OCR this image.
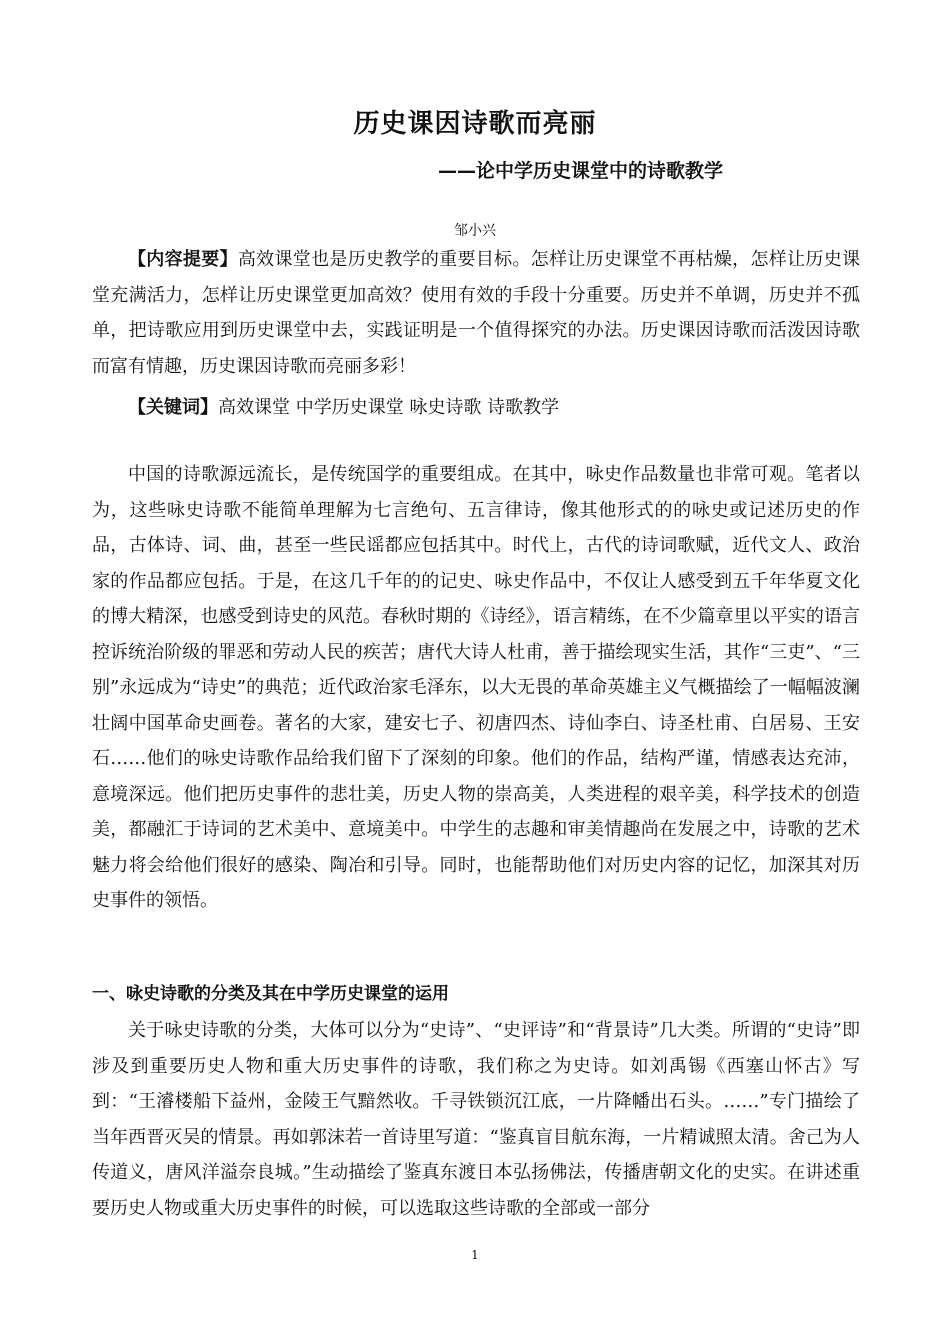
历史课因诗歌而亮丽
——论中学历史课堂中的诗歌教学
邹小兴

【内容提要】高效课堂也是历史教学的重要目标。怎样让历史课堂不再枯燥，怎样让历史课堂充满活力，怎样让历史课堂更加高效？使用有效的手段十分重要。历史并不单调，历史并不孤单，把诗歌应用到历史课堂中去，实践证明是一个值得探究的办法。历史课因诗歌而活泼因诗歌而富有情趣，历史课因诗歌而亮丽多彩！

【关键词】高效课堂 中学历史课堂 咏史诗歌 诗歌教学

中国的诗歌源远流长，是传统国学的重要组成。在其中，咏史作品数量也非常可观。笔者以为，这些咏史诗歌不能简单理解为七言绝句、五言律诗，像其他形式的的咏史或记述历史的作品，古体诗、词、曲，甚至一些民谣都应包括其中。时代上，古代的诗词歌赋，近代文人、政治家的作品都应包括。于是，在这几千年的的记史、咏史作品中，不仅让人感受到五千年华夏文化的博大精深，也感受到诗史的风范。春秋时期的《诗经》，语言精练，在不少篇章里以平实的语言控诉统治阶级的罪恶和劳动人民的疾苦；唐代大诗人杜甫，善于描绘现实生活，其作“三吏”、“三别”永远成为“诗史”的典范；近代政治家毛泽东，以大无畏的革命英雄主义气概描绘了一幅幅波澜壮阔中国革命史画卷。著名的大家，建安七子、初唐四杰、诗仙李白、诗圣杜甫、白居易、王安石……他们的咏史诗歌作品给我们留下了深刻的印象。他们的作品，结构严谨，情感表达充沛，意境深远。他们把历史事件的悲壮美，历史人物的崇高美，人类进程的艰辛美，科学技术的创造美，都融汇于诗词的艺术美中、意境美中。中学生的志趣和审美情趣尚在发展之中，诗歌的艺术魅力将会给他们很好的感染、陶冶和引导。同时，也能帮助他们对历史内容的记忆，加深其对历史事件的领悟。

一、咏史诗歌的分类及其在中学历史课堂的运用

关于咏史诗歌的分类，大体可以分为“史诗”、“史评诗”和“背景诗”几大类。所谓的“史诗”即涉及到重要历史人物和重大历史事件的诗歌，我们称之为史诗。如刘禹锡《西塞山怀古》写到：“王濬楼船下益州，金陵王气黯然收。千寻铁锁沉江底，一片降幡出石头。……”专门描绘了当年西晋灭吴的情景。再如郭沫若一首诗里写道：“鉴真盲目航东海，一片精诚照太清。舍己为人传道义，唐风洋溢奈良城。”生动描绘了鉴真东渡日本弘扬佛法，传播唐朝文化的史实。在讲述重要历史人物或重大历史事件的时候，可以选取这些诗歌的全部或一部分

1
